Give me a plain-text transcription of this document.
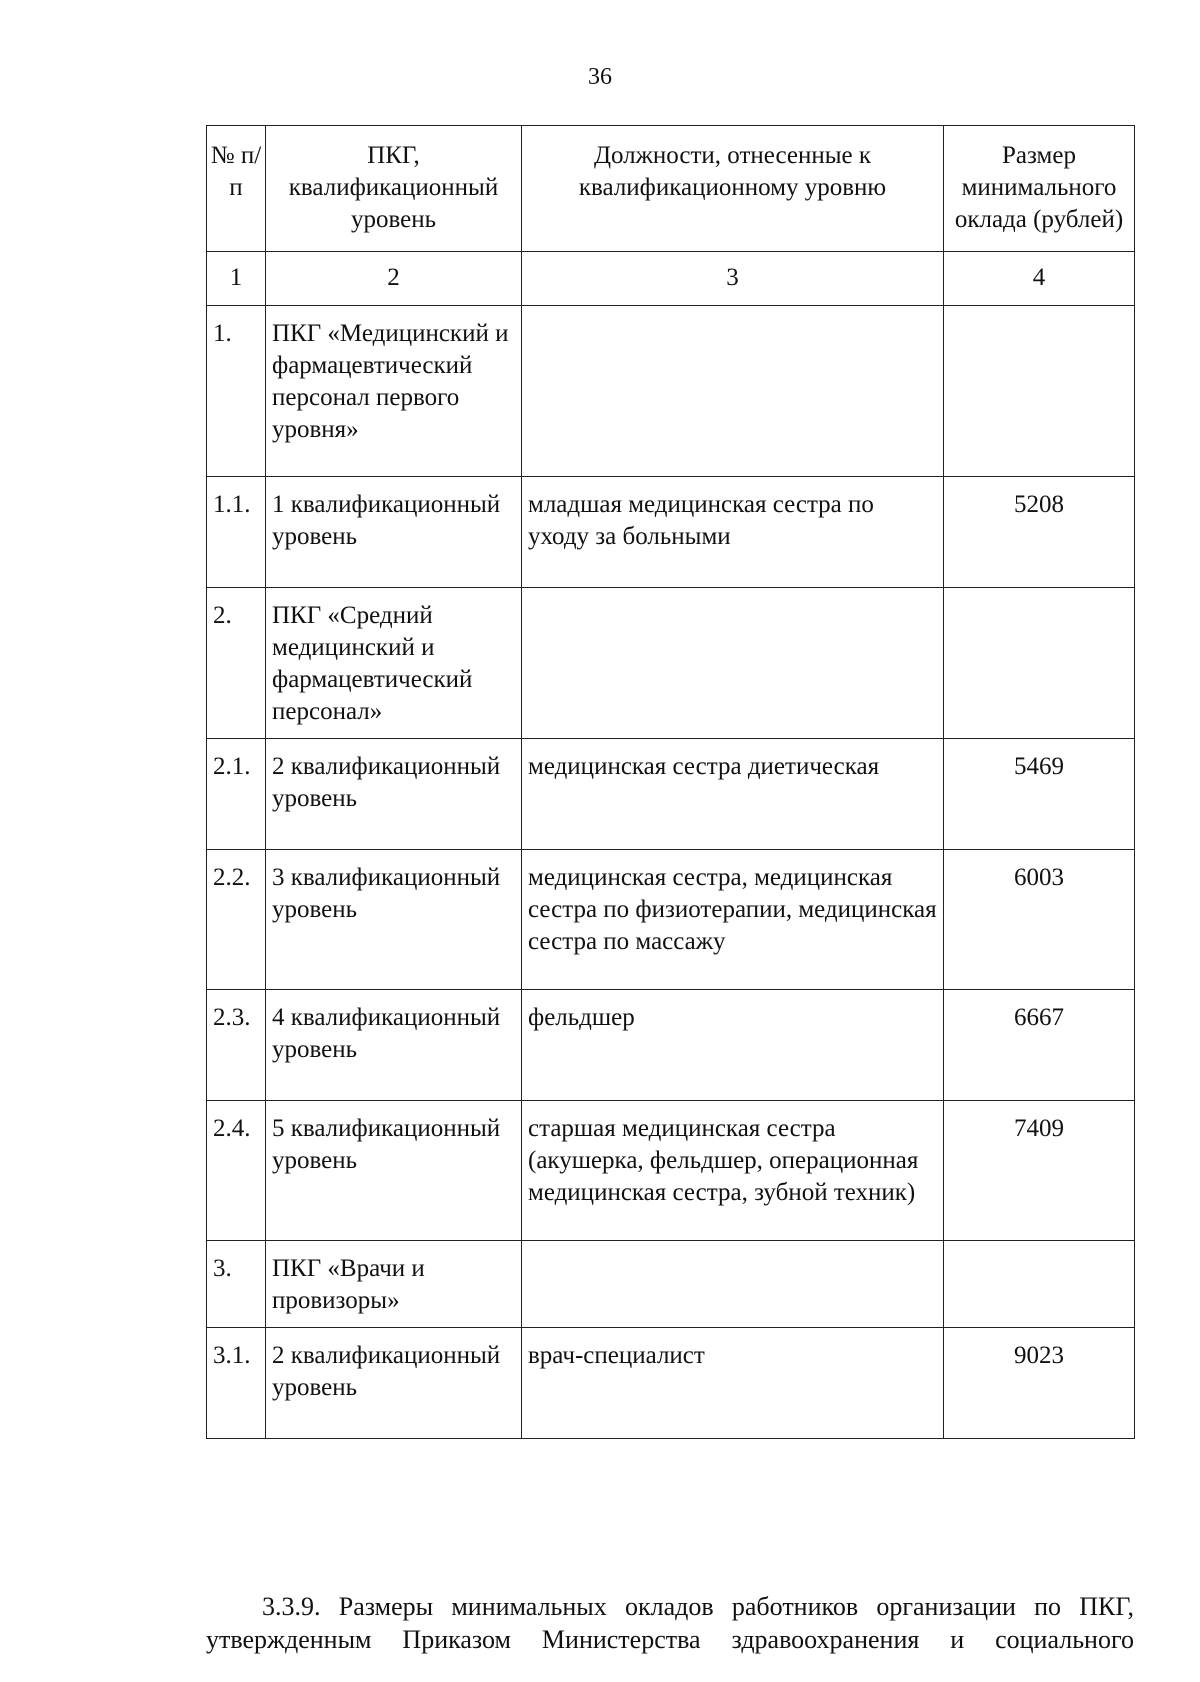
36
№ п/п	ПКГ, квалификационный уровень	Должности, отнесенные к квалификационному уровню	Размер минимального оклада (рублей)
1	2	3	4
1.	ПКГ «Медицинский и фармацевтический персонал первого уровня»		
1.1.	1 квалификационный уровень	младшая медицинская сестра по уходу за больными	5208
2.	ПКГ «Средний медицинский и фармацевтический персонал»		
2.1.	2 квалификационный уровень	медицинская сестра диетическая	5469
2.2.	3 квалификационный уровень	медицинская сестра, медицинская сестра по физиотерапии, медицинская сестра по массажу	6003
2.3.	4 квалификационный уровень	фельдшер	6667
2.4.	5 квалификационный уровень	старшая медицинская сестра (акушерка, фельдшер, операционная медицинская сестра, зубной техник)	7409
3.	ПКГ «Врачи и провизоры»		
3.1.	2 квалификационный уровень	врач-специалист	9023

3.3.9. Размеры минимальных окладов работников организации по ПКГ, утвержденным Приказом Министерства здравоохранения и социального
